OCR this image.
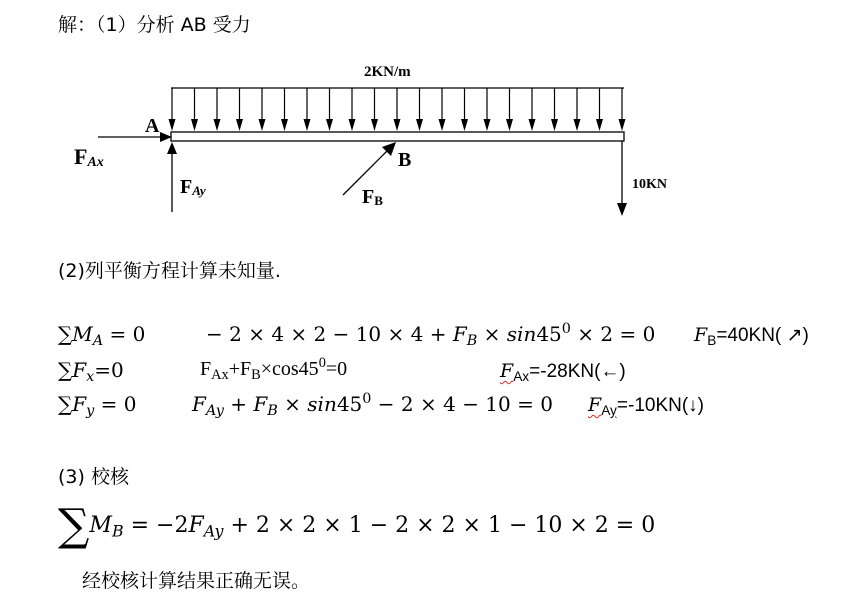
解：（1）分析 AB 受力
2KN/m
A
B
FAx
FAy	FB
10KN
(2)列平衡方程计算未知量.
$\sum M_A = 0$	− $2 \times 4 \times 2 - 10 \times 4 + F_B \times \sin 45^0 \times 2 = 0$ $F_B=40KN$( ↗)
$\sum F_x=0$	$F_{Ax}+F_B\times\cos 45^0=0$	$F_{Ax}=-28KN(\leftarrow)$
$\sum F_y = 0$	$F_{Ay} + F_B \times \sin 45^0 - 2 \times 4 - 10 = 0$ $F_{Ay}=-10KN(↓)$
(3) 校核
$\sum M_B = -2F_{Ay} + 2 \times 2 \times 1 - 2 \times 2 \times 1 - 10 \times 2 = 0$
经校核计算结果正确无误。
